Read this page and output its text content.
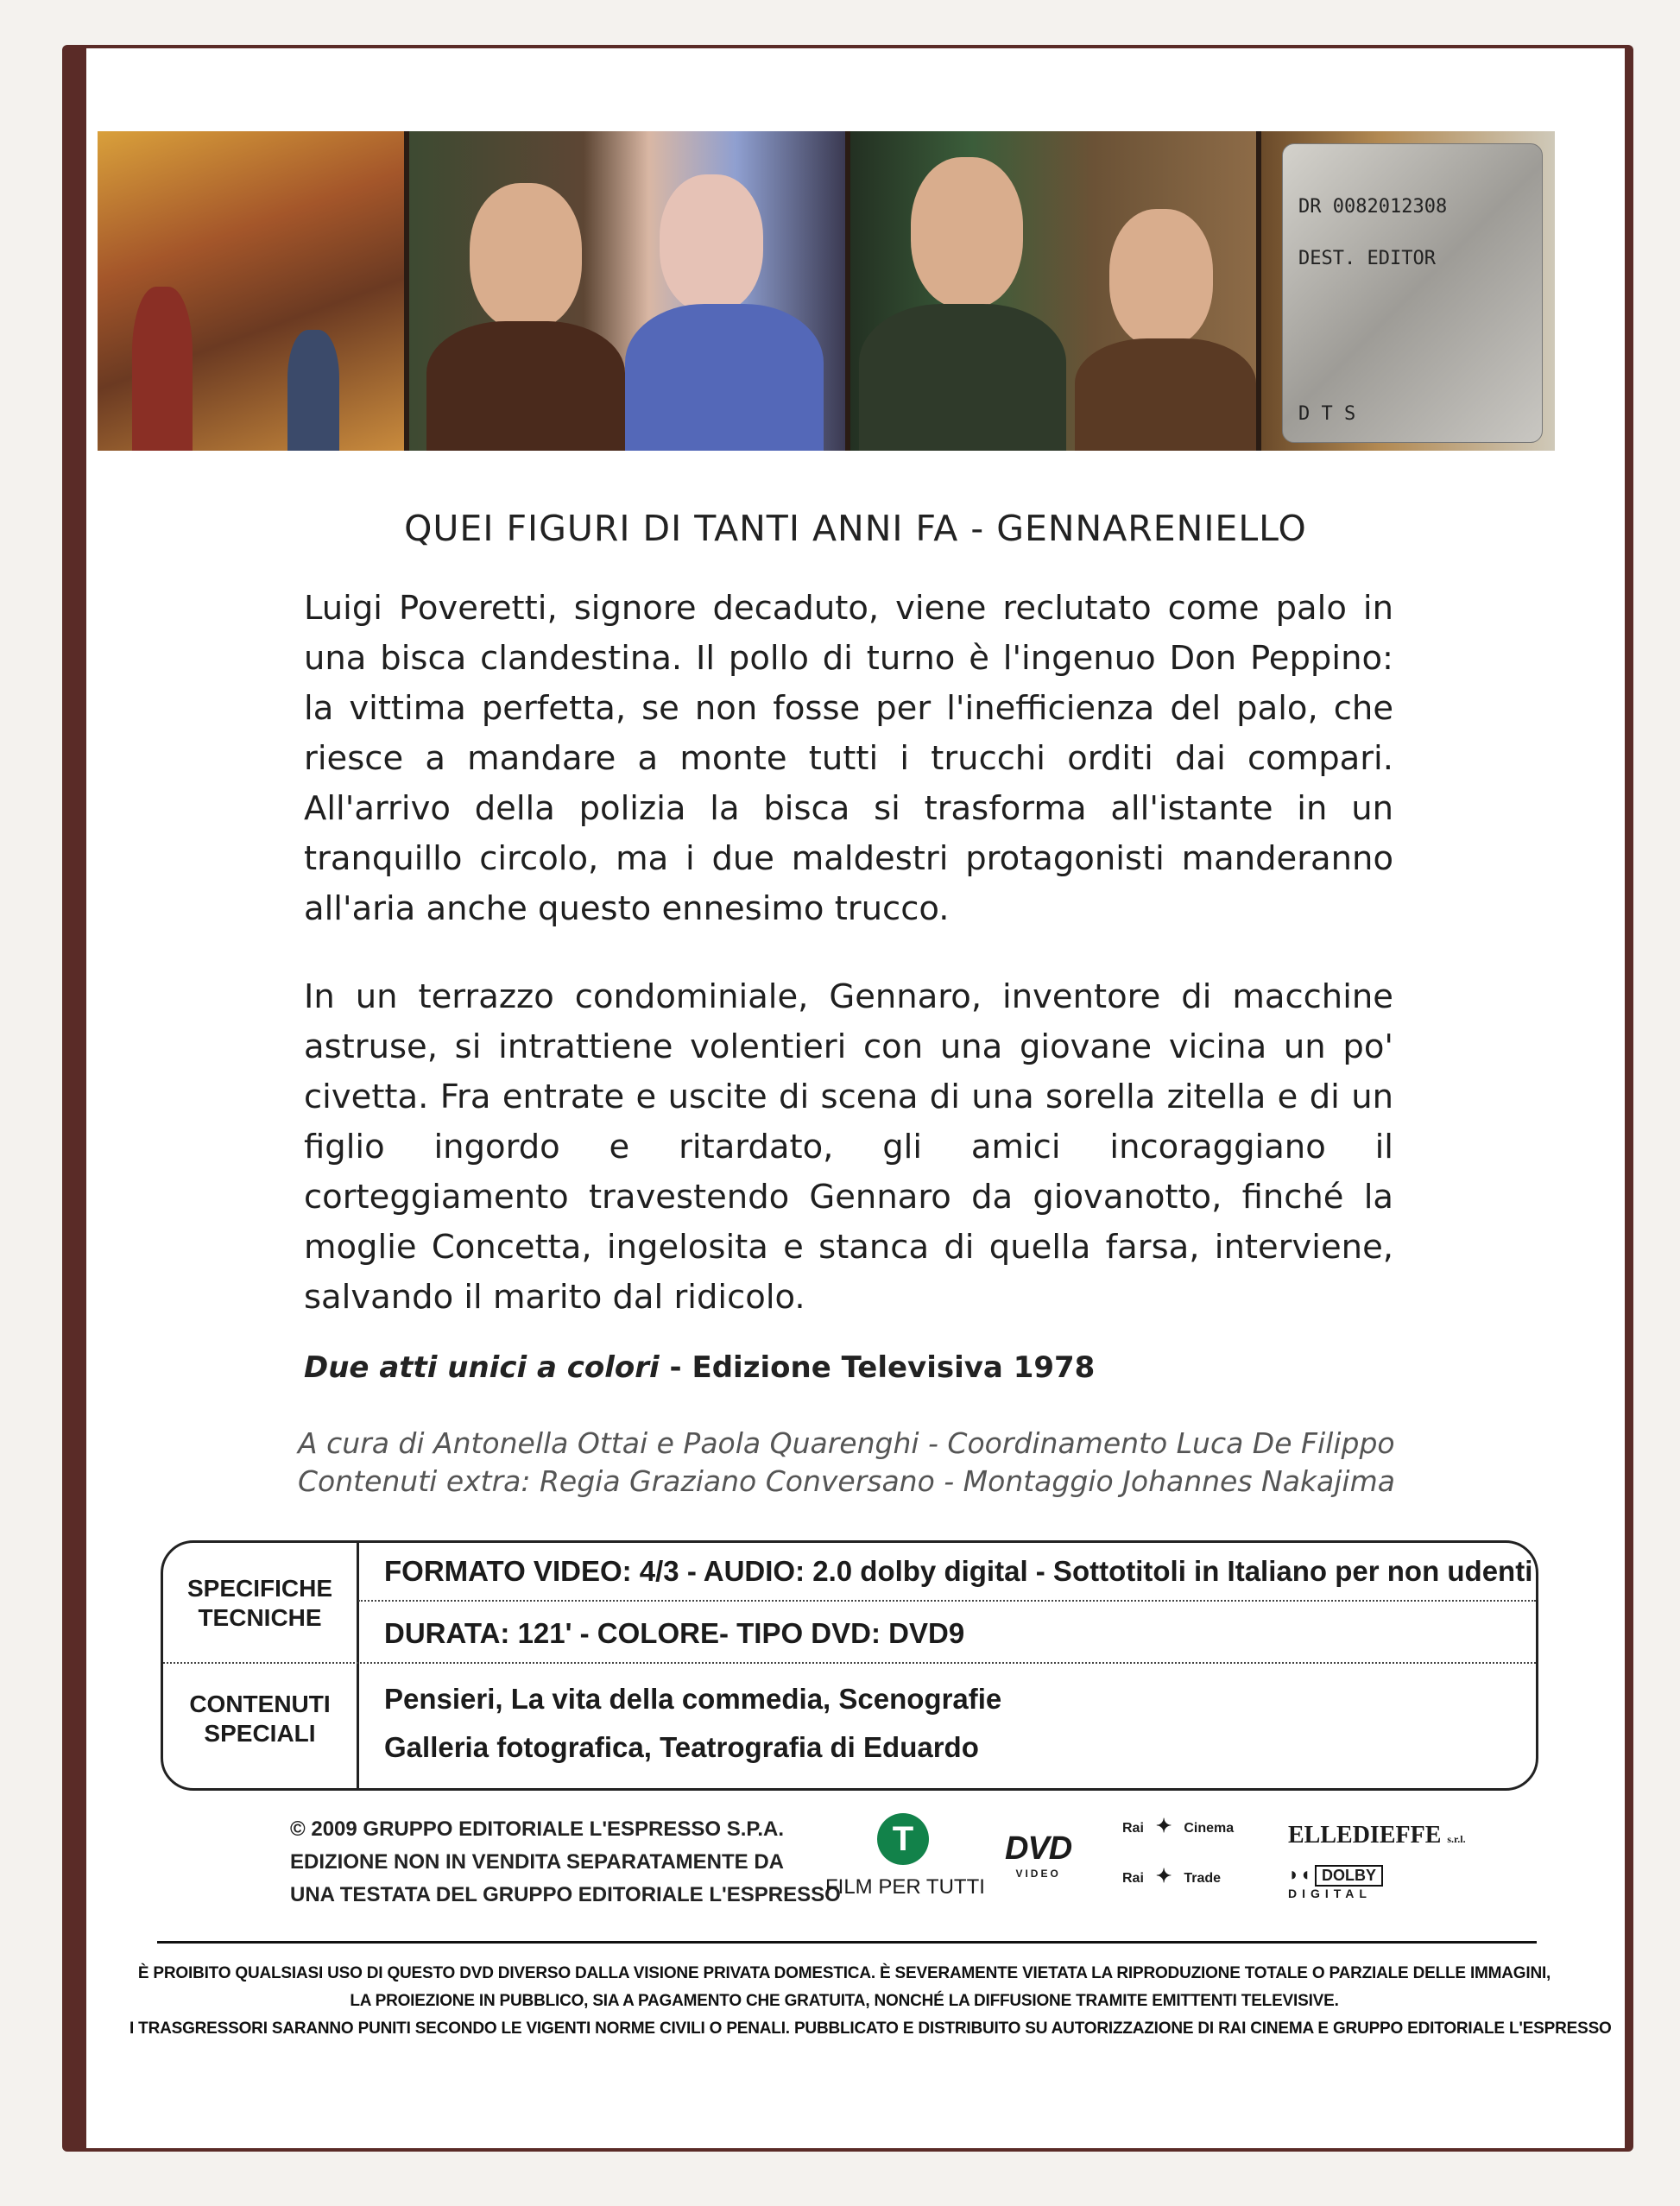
DR 0082012308
DEST. EDITOR
D T S
QUEI FIGURI DI TANTI ANNI FA - GENNARENIELLO
Luigi Poveretti, signore decaduto, viene reclutato come palo in una bisca clandestina. Il pollo di turno è l'ingenuo Don Peppino: la vittima perfetta, se non fosse per l'inefficienza del palo, che riesce a mandare a monte tutti i trucchi orditi dai compari. All'arrivo della polizia la bisca si trasforma all'istante in un tranquillo circolo, ma i due maldestri protagonisti manderanno all'aria anche questo ennesimo trucco.
In un terrazzo condominiale, Gennaro, inventore di macchine astruse, si intrattiene volentieri con una giovane vicina un po' civetta. Fra entrate e uscite di scena di una sorella zitella e di un figlio ingordo e ritardato, gli amici incoraggiano il corteggiamento travestendo Gennaro da giovanotto, finché la moglie Concetta, ingelosita e stanca di quella farsa, interviene, salvando il marito dal ridicolo.
Due atti unici a colori - Edizione Televisiva 1978
A cura di Antonella Ottai e Paola Quarenghi - Coordinamento Luca De Filippo
Contenuti extra: Regia Graziano Conversano - Montaggio Johannes Nakajima
SPECIFICHE
TECNICHE
CONTENUTI
SPECIALI
FORMATO VIDEO: 4/3 - AUDIO: 2.0 dolby digital - Sottotitoli in Italiano per non udenti
DURATA: 121' - COLORE- TIPO DVD: DVD9
Pensieri, La vita della commedia, Scenografie
Galleria fotografica, Teatrografia di Eduardo
© 2009 GRUPPO EDITORIALE L'ESPRESSO S.P.A.
EDIZIONE NON IN VENDITA SEPARATAMENTE DA
UNA TESTATA DEL GRUPPO EDITORIALE L'ESPRESSO
T
FILM PER TUTTI
DVD
VIDEO
Rai ✦ Cinema
Rai ✦ Trade
ELLEDIEFFE s.r.l.
◗◖ DOLBY
DIGITAL
È PROIBITO QUALSIASI USO DI QUESTO DVD DIVERSO DALLA VISIONE PRIVATA DOMESTICA. È SEVERAMENTE VIETATA LA RIPRODUZIONE TOTALE O PARZIALE DELLE IMMAGINI,
LA PROIEZIONE IN PUBBLICO, SIA A PAGAMENTO CHE GRATUITA, NONCHÉ LA DIFFUSIONE TRAMITE EMITTENTI TELEVISIVE.
I TRASGRESSORI SARANNO PUNITI SECONDO LE VIGENTI NORME CIVILI O PENALI. PUBBLICATO E DISTRIBUITO SU AUTORIZZAZIONE DI RAI CINEMA E GRUPPO EDITORIALE L'ESPRESSO
